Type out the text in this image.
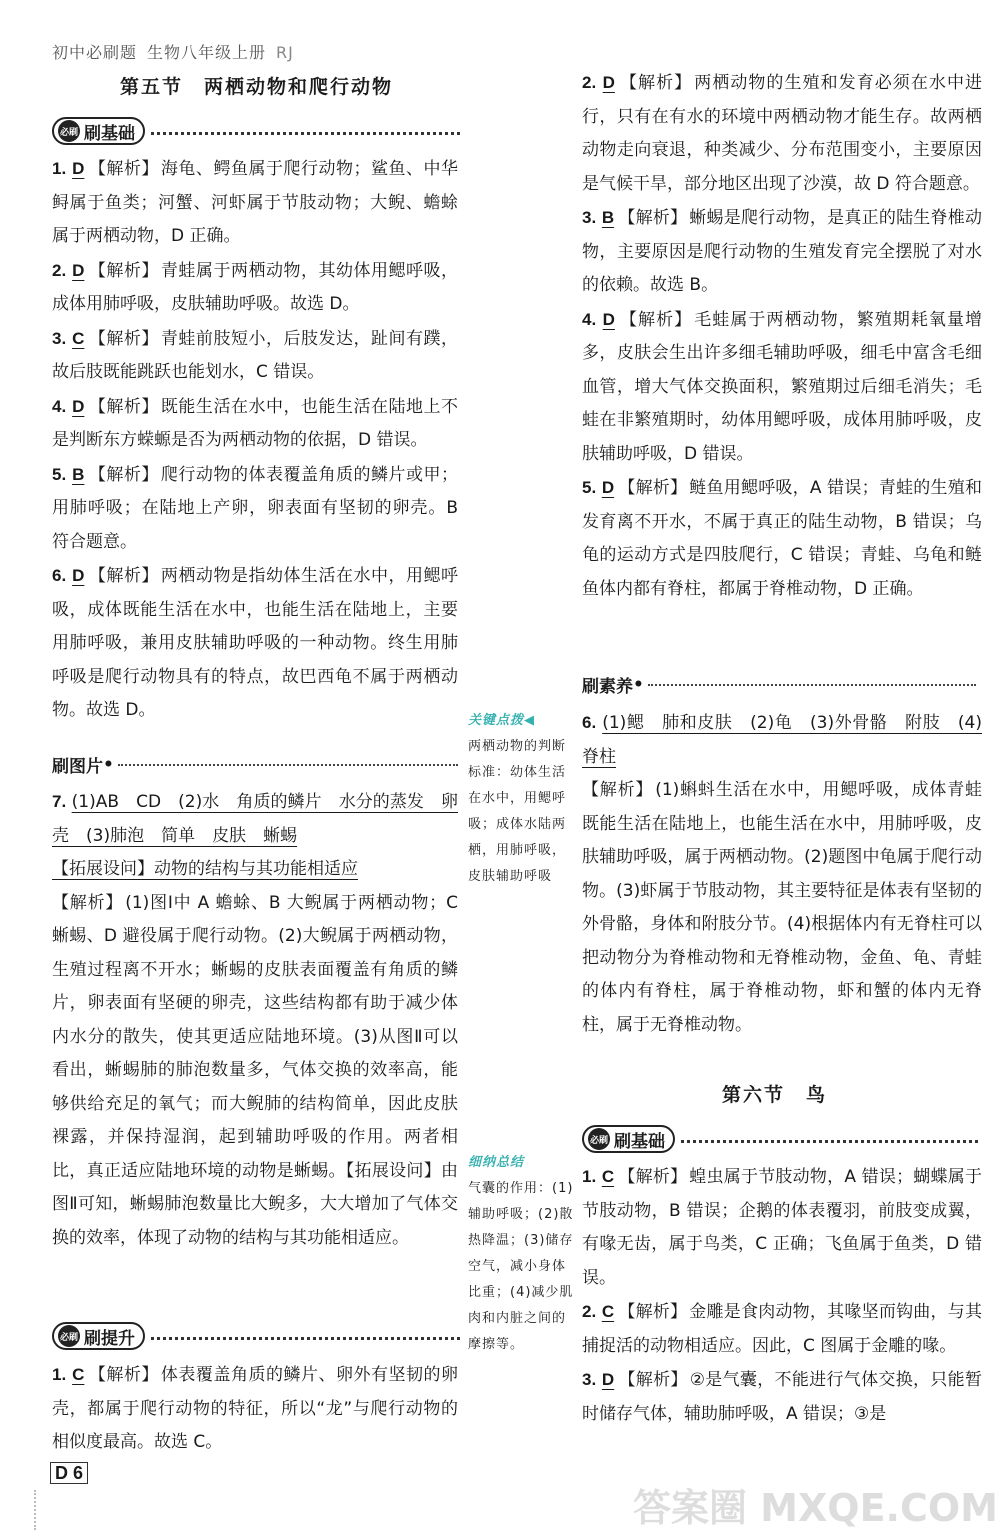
初中必刷题 生物八年级上册 RJ
第五节　两栖动物和爬行动物
必刷 刷基础
1. D 【解析】 海龟、鳄鱼属于爬行动物；鲨鱼、中华鲟属于鱼类；河蟹、河虾属于节肢动物；大鲵、蟾蜍属于两栖动物，D 正确。
2. D 【解析】 青蛙属于两栖动物，其幼体用鳃呼吸，成体用肺呼吸，皮肤辅助呼吸。故选 D。
3. C 【解析】 青蛙前肢短小，后肢发达，趾间有蹼，故后肢既能跳跃也能划水，C 错误。
4. D 【解析】 既能生活在水中，也能生活在陆地上不是判断东方蝾螈是否为两栖动物的依据，D 错误。
5. B 【解析】 爬行动物的体表覆盖角质的鳞片或甲；用肺呼吸；在陆地上产卵，卵表面有坚韧的卵壳。B 符合题意。
6. D 【解析】 两栖动物是指幼体生活在水中，用鳃呼吸，成体既能生活在水中，也能生活在陆地上，主要用肺呼吸，兼用皮肤辅助呼吸的一种动物。终生用肺呼吸是爬行动物具有的特点，故巴西龟不属于两栖动物。故选 D。
刷图片 •
7. (1)AB　CD　(2)水　角质的鳞片　水分的蒸发　卵壳　(3)肺泡　简单　皮肤　蜥蜴
【拓展设问】动物的结构与其功能相适应
【解析】 (1)图Ⅰ中 A 蟾蜍、B 大鲵属于两栖动物；C 蜥蜴、D 避役属于爬行动物。(2)大鲵属于两栖动物，生殖过程离不开水；蜥蜴的皮肤表面覆盖有角质的鳞片，卵表面有坚硬的卵壳，这些结构都有助于减少体内水分的散失，使其更适应陆地环境。(3)从图Ⅱ可以看出，蜥蜴肺的肺泡数量多，气体交换的效率高，能够供给充足的氧气；而大鲵肺的结构简单，因此皮肤裸露，并保持湿润，起到辅助呼吸的作用。两者相比，真正适应陆地环境的动物是蜥蜴。【拓展设问】由图Ⅱ可知，蜥蜴肺泡数量比大鲵多，大大增加了气体交换的效率，体现了动物的结构与其功能相适应。
必刷 刷提升
1. C 【解析】 体表覆盖角质的鳞片、卵外有坚韧的卵壳，都属于爬行动物的特征，所以“龙”与爬行动物的相似度最高。故选 C。
关键点拨◀
两栖动物的判断标准：幼体生活在水中，用鳃呼吸；成体水陆两栖，用肺呼吸，皮肤辅助呼吸
细纳总结
气囊的作用：(1)辅助呼吸；(2)散热降温；(3)储存空气，减小身体比重；(4)减少肌肉和内脏之间的摩擦等。
2. D 【解析】 两栖动物的生殖和发育必须在水中进行，只有在有水的环境中两栖动物才能生存。故两栖动物走向衰退，种类减少、分布范围变小，主要原因是气候干旱，部分地区出现了沙漠，故 D 符合题意。
3. B 【解析】 蜥蜴是爬行动物，是真正的陆生脊椎动物，主要原因是爬行动物的生殖发育完全摆脱了对水的依赖。故选 B。
4. D 【解析】 毛蛙属于两栖动物，繁殖期耗氧量增多，皮肤会生出许多细毛辅助呼吸，细毛中富含毛细血管，增大气体交换面积，繁殖期过后细毛消失；毛蛙在非繁殖期时，幼体用鳃呼吸，成体用肺呼吸，皮肤辅助呼吸，D 错误。
5. D 【解析】 鲢鱼用鳃呼吸，A 错误；青蛙的生殖和发育离不开水，不属于真正的陆生动物，B 错误；乌龟的运动方式是四肢爬行，C 错误；青蛙、乌龟和鲢鱼体内都有脊柱，都属于脊椎动物，D 正确。
刷素养 •
6. (1)鳃　肺和皮肤　(2)龟　(3)外骨骼　附肢　(4)脊柱
【解析】 (1)蝌蚪生活在水中，用鳃呼吸，成体青蛙既能生活在陆地上，也能生活在水中，用肺呼吸，皮肤辅助呼吸，属于两栖动物。(2)题图中龟属于爬行动物。(3)虾属于节肢动物，其主要特征是体表有坚韧的外骨骼，身体和附肢分节。(4)根据体内有无脊柱可以把动物分为脊椎动物和无脊椎动物，金鱼、龟、青蛙的体内有脊柱，属于脊椎动物，虾和蟹的体内无脊柱，属于无脊椎动物。
第六节　鸟
必刷 刷基础
1. C 【解析】 蝗虫属于节肢动物，A 错误；蝴蝶属于节肢动物，B 错误；企鹅的体表覆羽，前肢变成翼，有喙无齿，属于鸟类，C 正确；飞鱼属于鱼类，D 错误。
2. C 【解析】 金雕是食肉动物，其喙坚而钩曲，与其捕捉活的动物相适应。因此，C 图属于金雕的喙。
3. D 【解析】 ②是气囊，不能进行气体交换，只能暂时储存气体，辅助肺呼吸，A 错误；③是
D 6
答案圈 MXQE.COM
